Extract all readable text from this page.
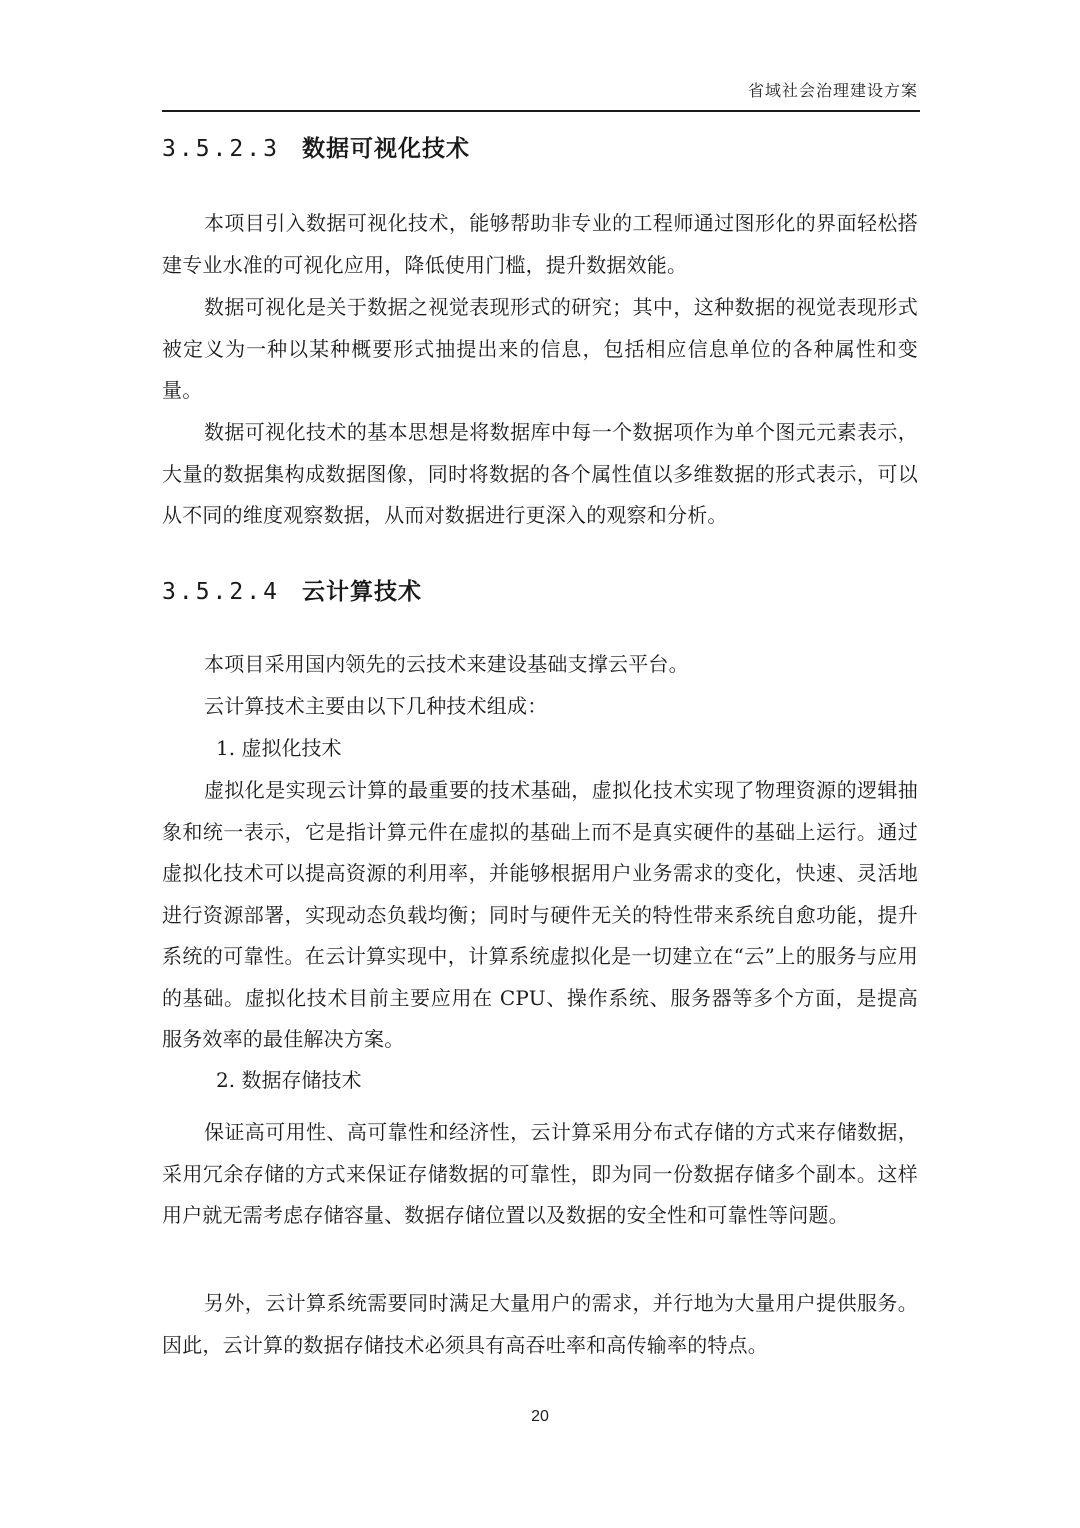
省域社会治理建设方案
3.5.2.3 数据可视化技术

本项目引入数据可视化技术，能够帮助非专业的工程师通过图形化的界面轻松搭建专业水准的可视化应用，降低使用门槛，提升数据效能。

数据可视化是关于数据之视觉表现形式的研究；其中，这种数据的视觉表现形式被定义为一种以某种概要形式抽提出来的信息，包括相应信息单位的各种属性和变量。

数据可视化技术的基本思想是将数据库中每一个数据项作为单个图元元素表示，大量的数据集构成数据图像，同时将数据的各个属性值以多维数据的形式表示，可以从不同的维度观察数据，从而对数据进行更深入的观察和分析。

3.5.2.4 云计算技术

本项目采用国内领先的云技术来建设基础支撑云平台。

云计算技术主要由以下几种技术组成：

1. 虚拟化技术

虚拟化是实现云计算的最重要的技术基础，虚拟化技术实现了物理资源的逻辑抽象和统一表示，它是指计算元件在虚拟的基础上而不是真实硬件的基础上运行。通过虚拟化技术可以提高资源的利用率，并能够根据用户业务需求的变化，快速、灵活地进行资源部署，实现动态负载均衡；同时与硬件无关的特性带来系统自愈功能，提升系统的可靠性。在云计算实现中，计算系统虚拟化是一切建立在“云”上的服务与应用的基础。虚拟化技术目前主要应用在 CPU、操作系统、服务器等多个方面，是提高服务效率的最佳解决方案。

2. 数据存储技术

保证高可用性、高可靠性和经济性，云计算采用分布式存储的方式来存储数据，采用冗余存储的方式来保证存储数据的可靠性，即为同一份数据存储多个副本。这样用户就无需考虑存储容量、数据存储位置以及数据的安全性和可靠性等问题。

另外，云计算系统需要同时满足大量用户的需求，并行地为大量用户提供服务。因此，云计算的数据存储技术必须具有高吞吐率和高传输率的特点。

20
